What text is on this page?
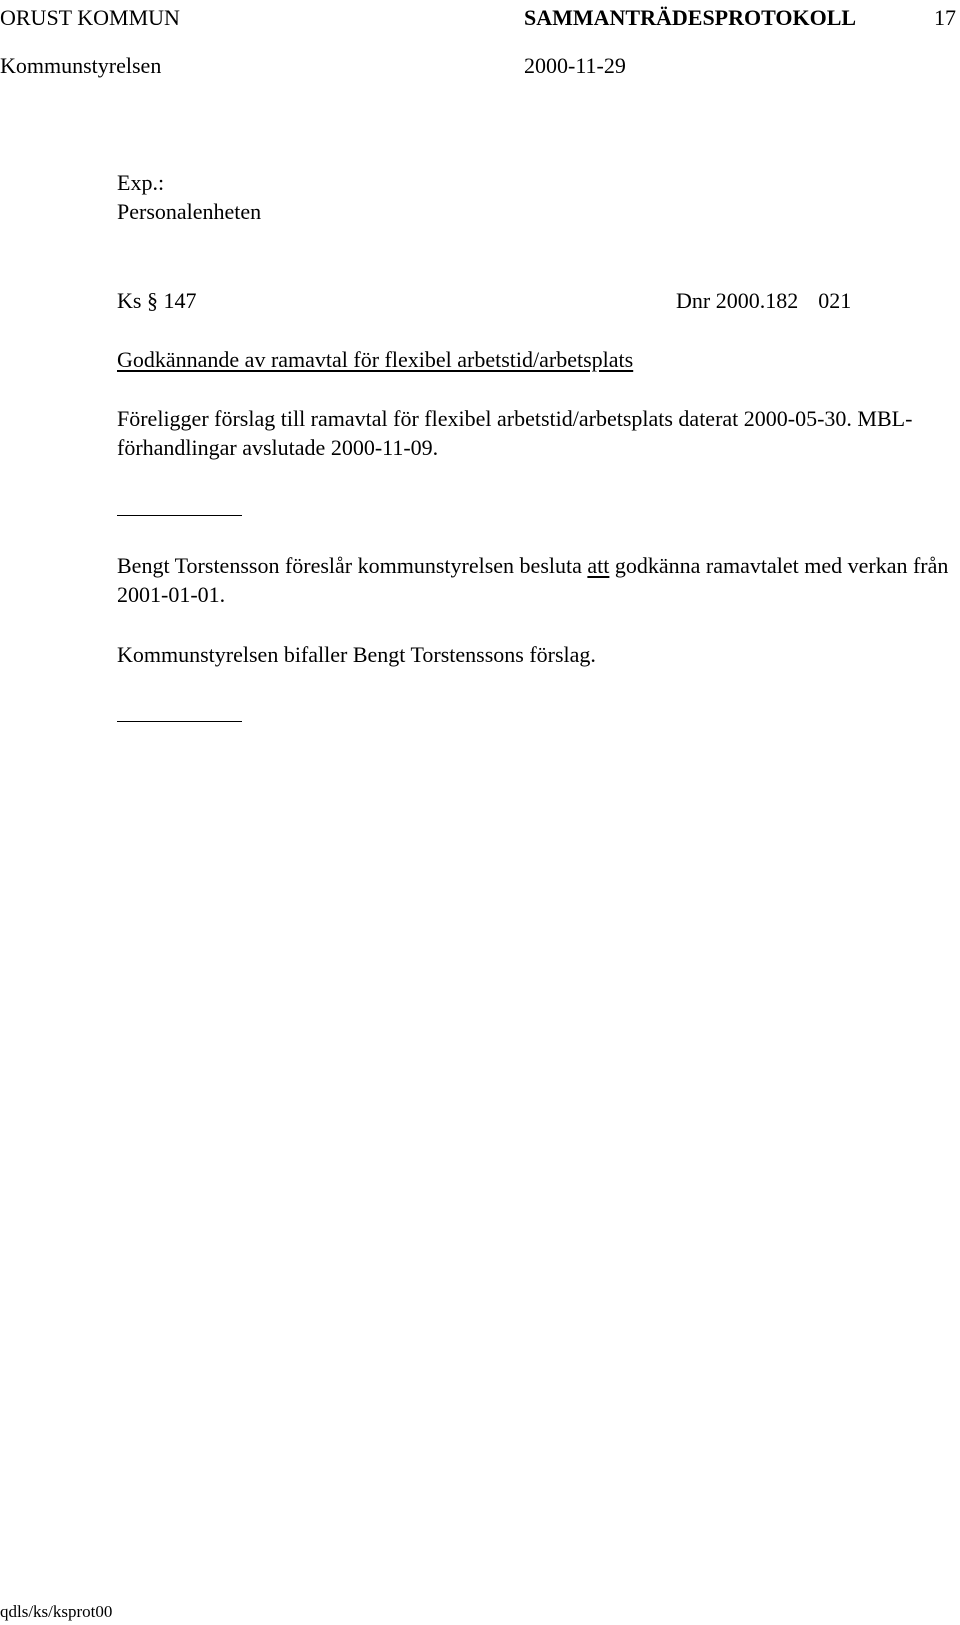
ORUST KOMMUN
Kommunstyrelsen
SAMMANTRÄDESPROTOKOLL	17
2000-11-29
Exp.:
Personalenheten
Ks § 147	Dnr 2000.182 021
Godkännande av ramavtal för flexibel arbetstid/arbetsplats
Föreligger förslag till ramavtal för flexibel arbetstid/arbetsplats daterat 2000-05-30. MBL-förhandlingar avslutade 2000-11-09.
Bengt Torstensson föreslår kommunstyrelsen besluta att godkänna ramavtalet med verkan från 2001-01-01.
Kommunstyrelsen bifaller Bengt Torstenssons förslag.
qdls/ks/ksprot00
